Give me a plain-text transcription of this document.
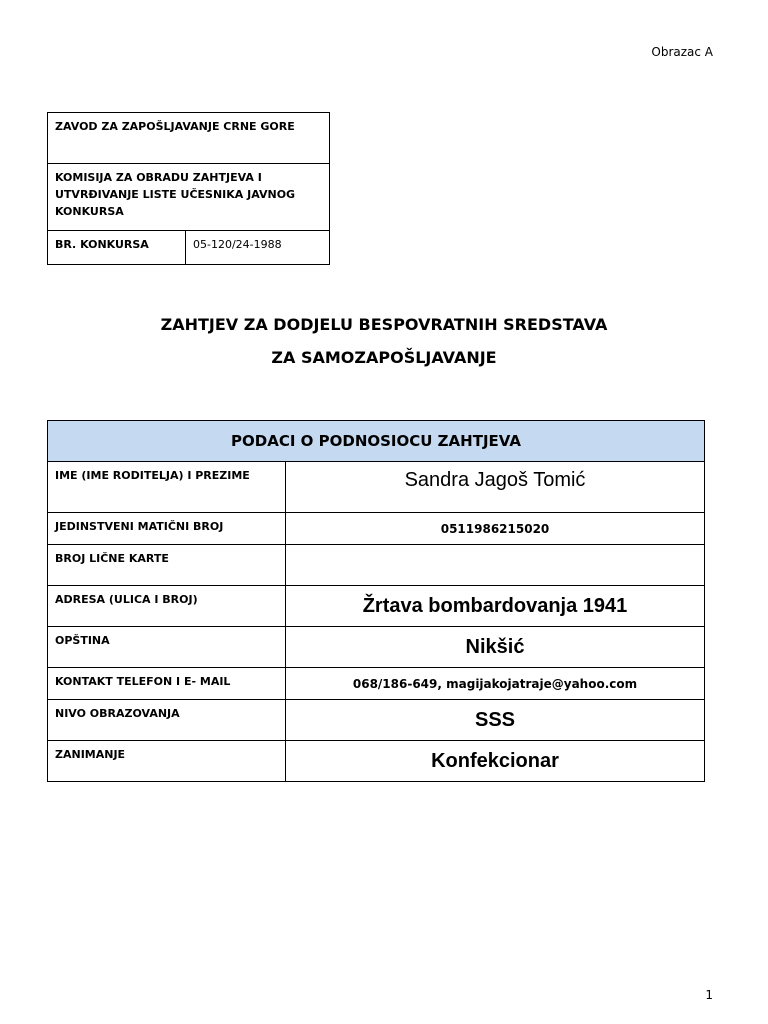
Obrazac A
ZAVOD ZA ZAPOŠLJAVANJE CRNE GORE
KOMISIJA ZA OBRADU ZAHTJEVA I UTVRĐIVANJE LISTE UČESNIKA JAVNOG KONKURSA
BR. KONKURSA	05-120/24-1988
ZAHTJEV ZA DODJELU BESPOVRATNIH SREDSTAVA
ZA SAMOZAPOŠLJAVANJE
PODACI O PODNOSIOCU ZAHTJEVA	
IME (IME RODITELJA) I PREZIME	Sandra Jagoš Tomić
JEDINSTVENI MATIČNI BROJ	0511986215020
BROJ LIČNE KARTE	
ADRESA (ULICA I BROJ)	Žrtava bombardovanja 1941
OPŠTINA	Nikšić
KONTAKT TELEFON I E- MAIL	068/186-649, magijakojatraje@yahoo.com
NIVO OBRAZOVANJA	SSS
ZANIMANJE	Konfekcionar
1
